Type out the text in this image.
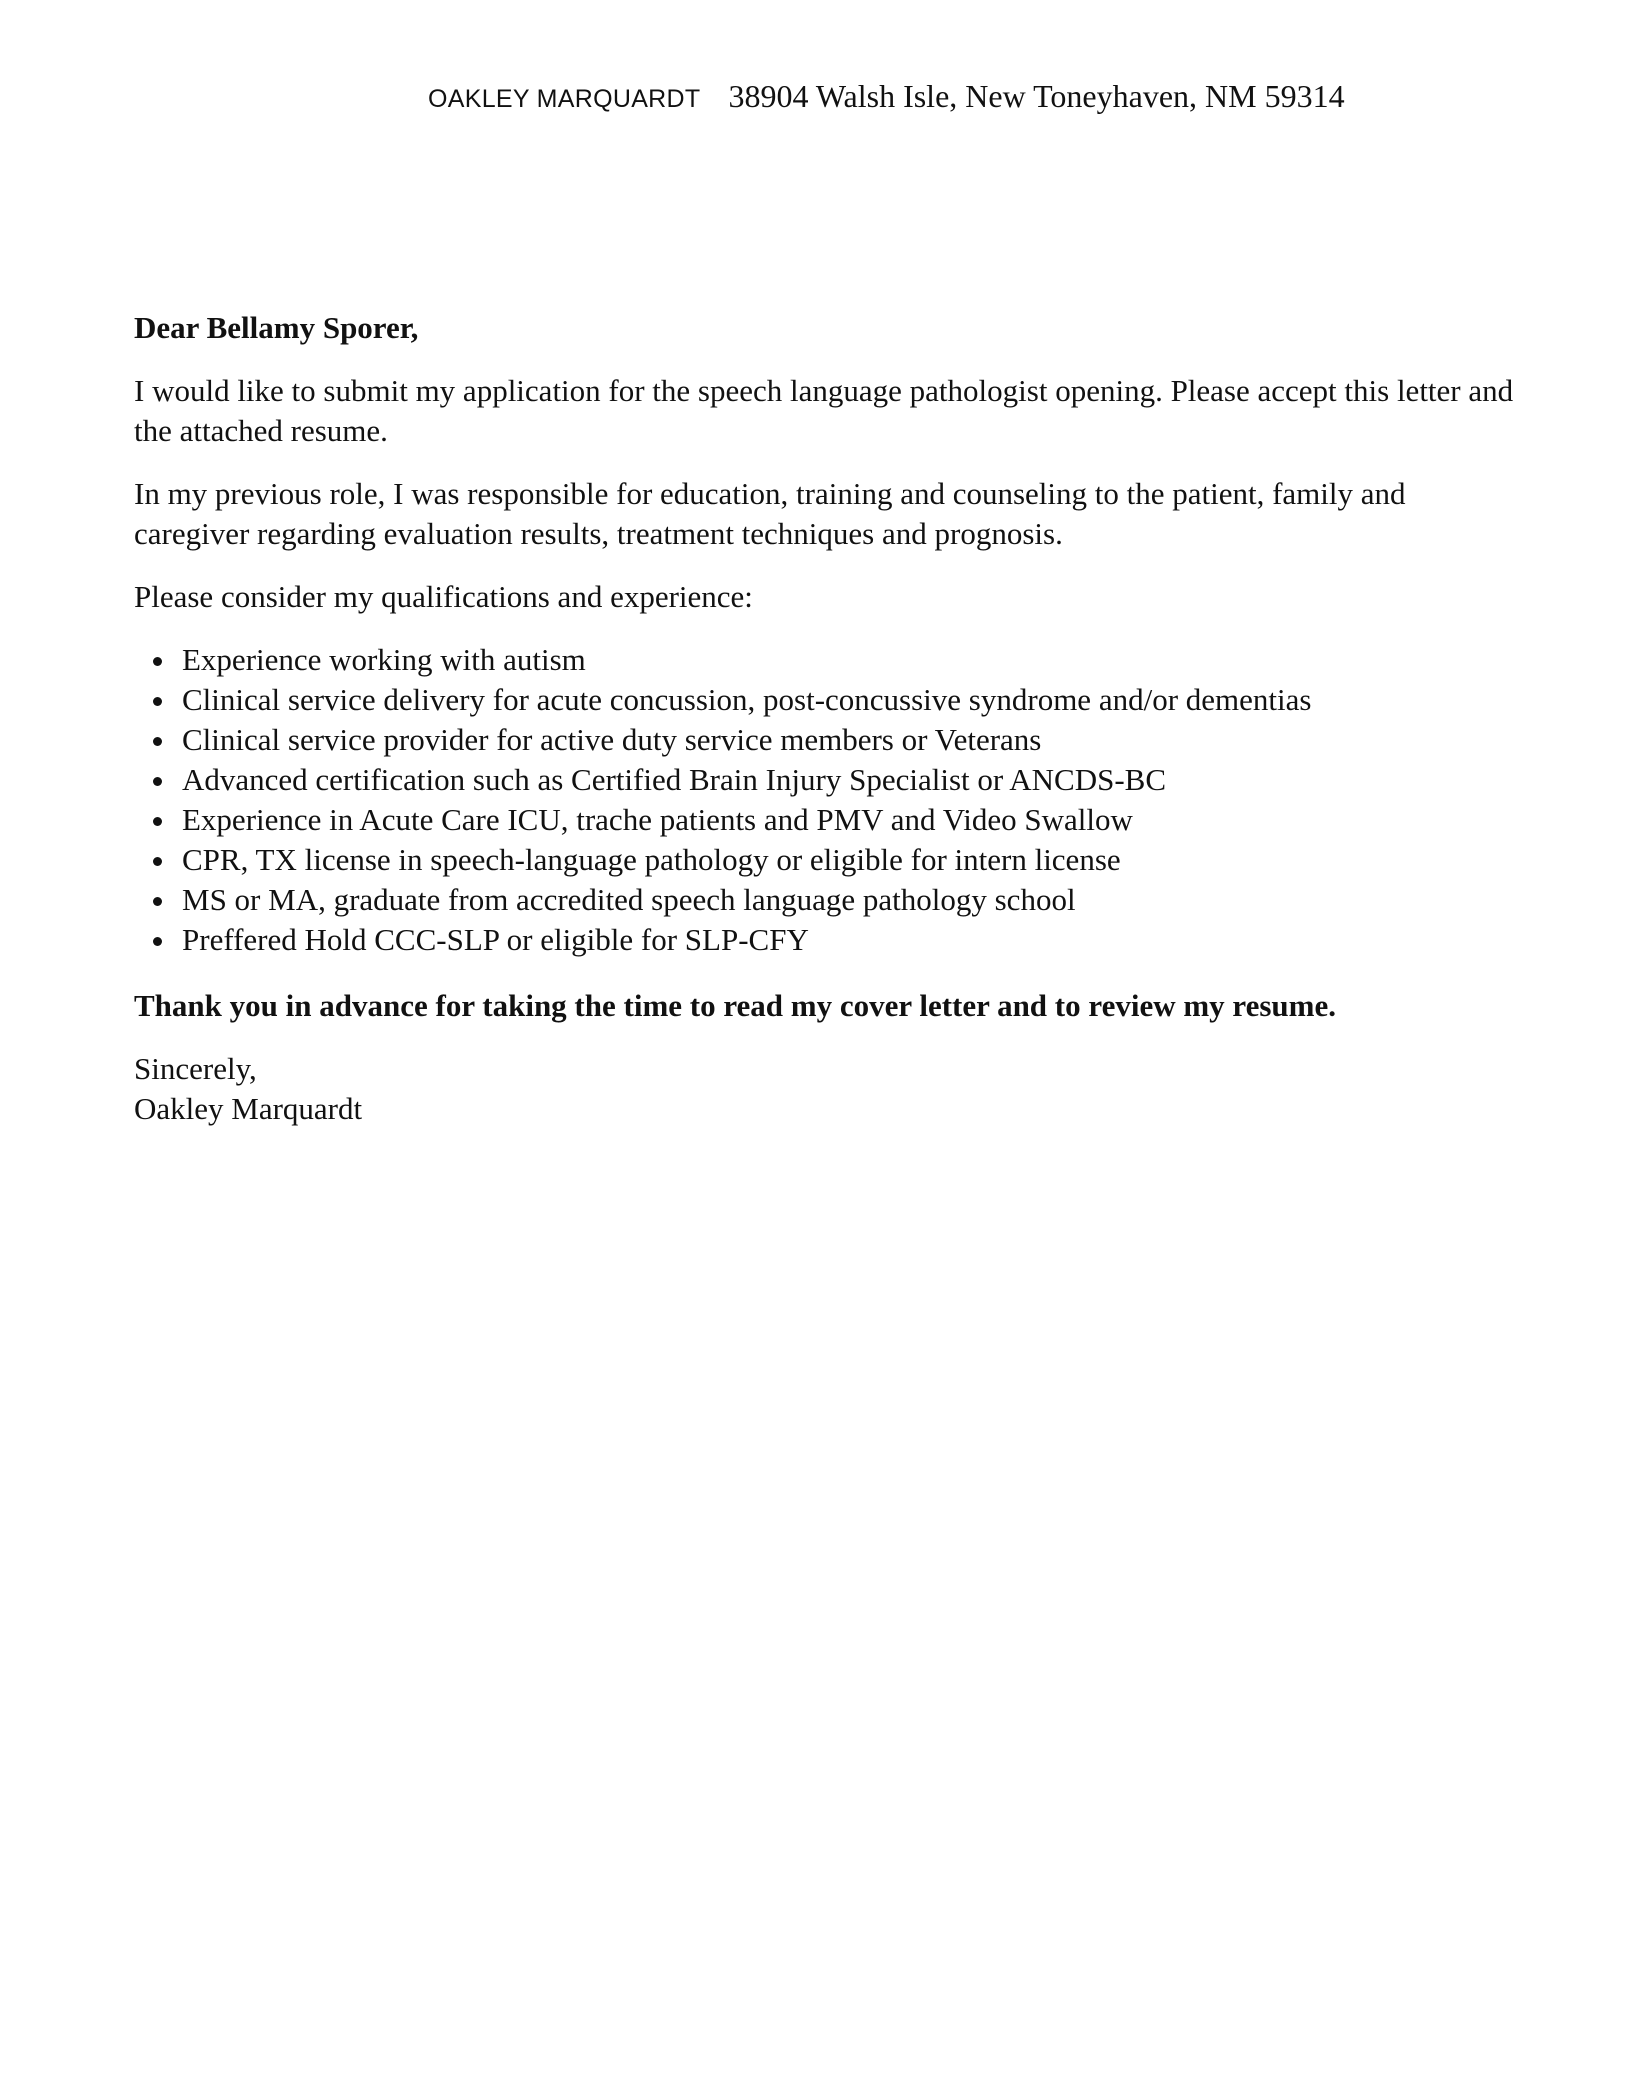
OAKLEY MARQUARDT 38904 Walsh Isle, New Toneyhaven, NM 59314

Dear Bellamy Sporer,

I would like to submit my application for the speech language pathologist opening. Please accept this letter and the attached resume.

In my previous role, I was responsible for education, training and counseling to the patient, family and caregiver regarding evaluation results, treatment techniques and prognosis.

Please consider my qualifications and experience:

Experience working with autism
Clinical service delivery for acute concussion, post-concussive syndrome and/or dementias
Clinical service provider for active duty service members or Veterans
Advanced certification such as Certified Brain Injury Specialist or ANCDS-BC
Experience in Acute Care ICU, trache patients and PMV and Video Swallow
CPR, TX license in speech-language pathology or eligible for intern license
MS or MA, graduate from accredited speech language pathology school
Preffered Hold CCC-SLP or eligible for SLP-CFY

Thank you in advance for taking the time to read my cover letter and to review my resume.

Sincerely,

Oakley Marquardt
